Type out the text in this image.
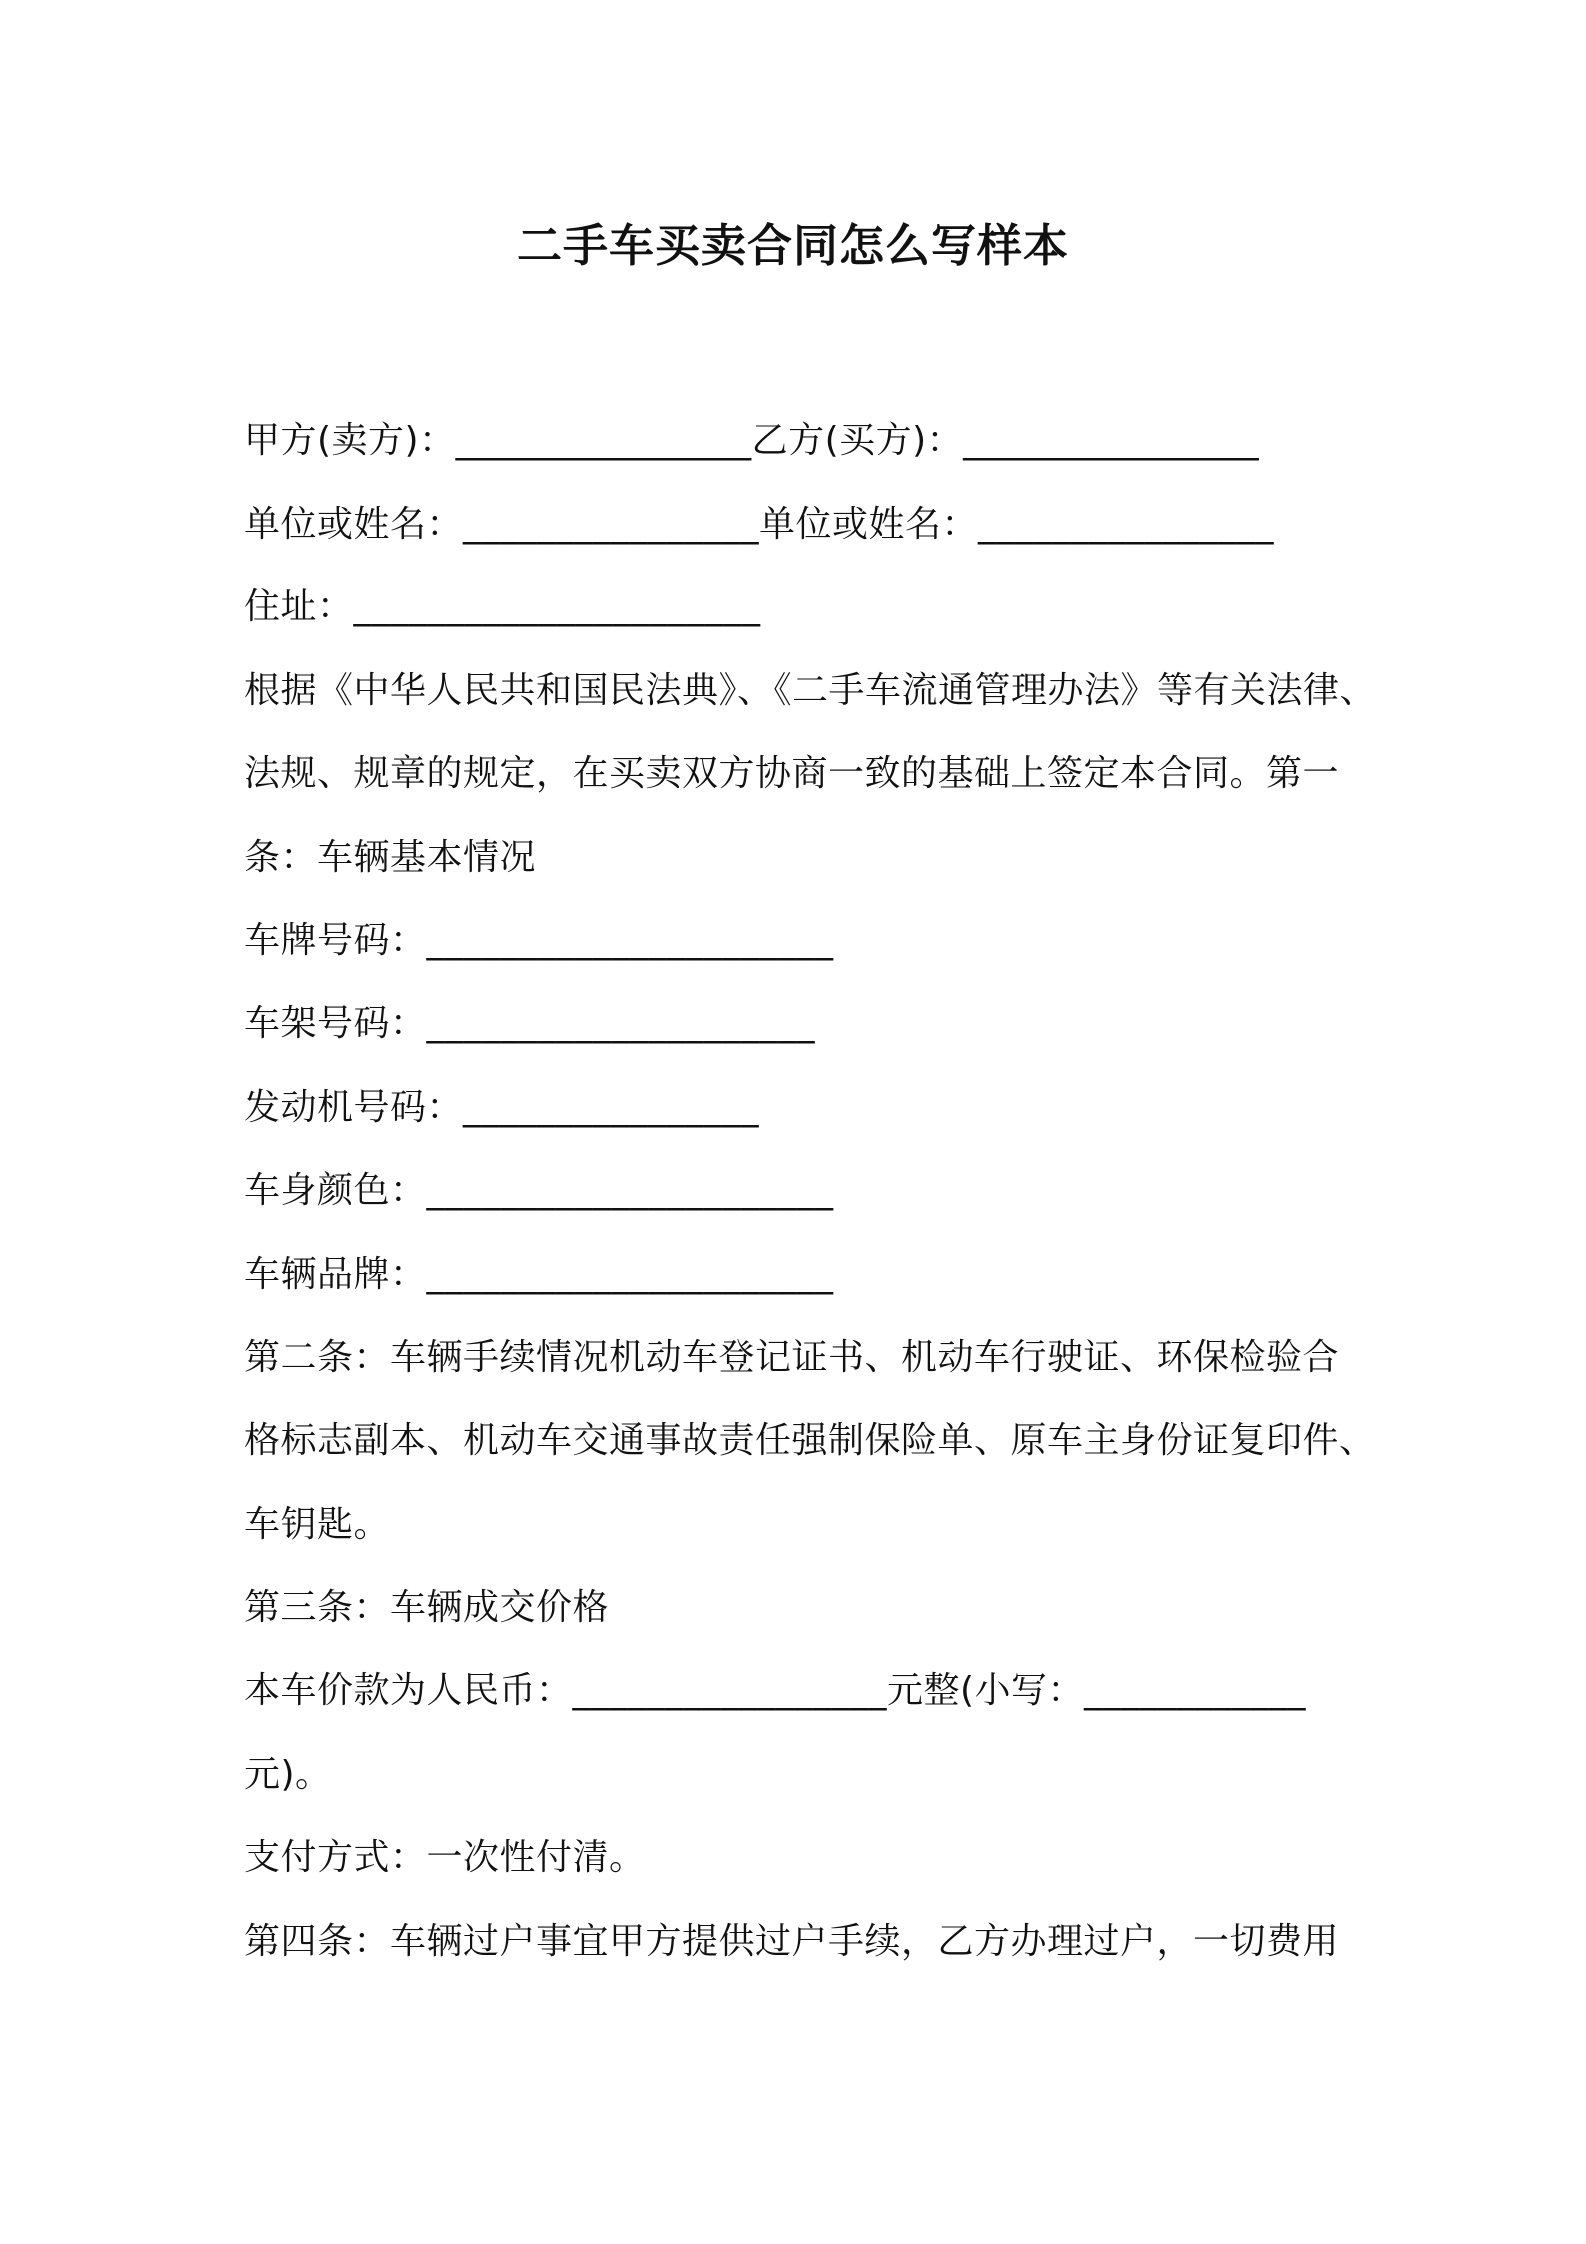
二手车买卖合同怎么写样本
甲方(卖方)：________________乙方(买方)：________________
单位或姓名：________________单位或姓名：________________
住址：______________________
根据《中华人民共和国民法典》、《二手车流通管理办法》等有关法律、
法规、规章的规定，在买卖双方协商一致的基础上签定本合同。第一
条：车辆基本情况
车牌号码：______________________
车架号码：_____________________
发动机号码：________________
车身颜色：______________________
车辆品牌：______________________
第二条：车辆手续情况机动车登记证书、机动车行驶证、环保检验合
格标志副本、机动车交通事故责任强制保险单、原车主身份证复印件、
车钥匙。
第三条：车辆成交价格
本车价款为人民币：_________________元整(小写：____________
元)。
支付方式：一次性付清。
第四条：车辆过户事宜甲方提供过户手续，乙方办理过户，一切费用
